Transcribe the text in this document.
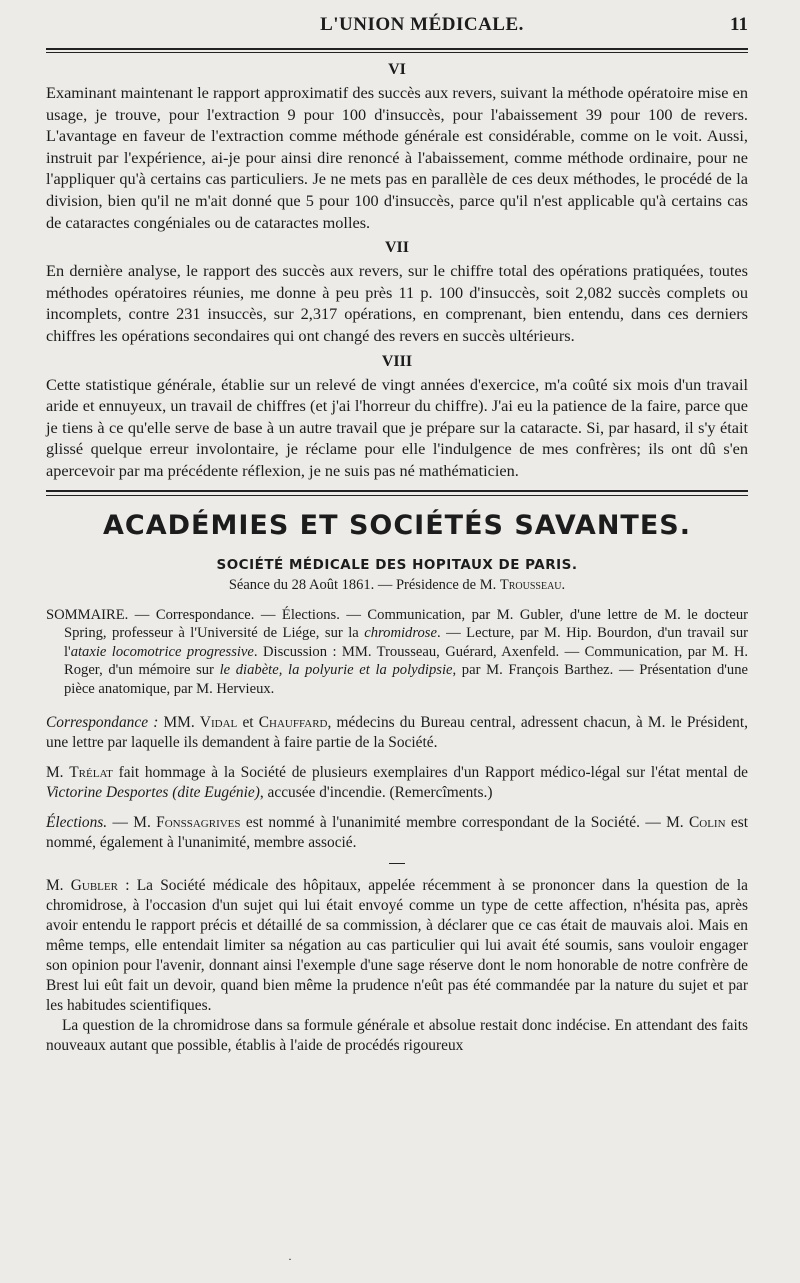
L'UNION MÉDICALE.	11
VI

Examinant maintenant le rapport approximatif des succès aux revers, suivant la méthode opératoire mise en usage, je trouve, pour l'extraction 9 pour 100 d'insuccès, pour l'abaissement 39 pour 100 de revers. L'avantage en faveur de l'extraction comme méthode générale est considérable, comme on le voit. Aussi, instruit par l'expérience, ai-je pour ainsi dire renoncé à l'abaissement, comme méthode ordinaire, pour ne l'appliquer qu'à certains cas particuliers. Je ne mets pas en parallèle de ces deux méthodes, le procédé de la division, bien qu'il ne m'ait donné que 5 pour 100 d'insuccès, parce qu'il n'est applicable qu'à certains cas de cataractes congéniales ou de cataractes molles.

VII

En dernière analyse, le rapport des succès aux revers, sur le chiffre total des opérations pratiquées, toutes méthodes opératoires réunies, me donne à peu près 11 p. 100 d'insuccès, soit 2,082 succès complets ou incomplets, contre 231 insuccès, sur 2,317 opérations, en comprenant, bien entendu, dans ces derniers chiffres les opérations secondaires qui ont changé des revers en succès ultérieurs.

VIII

Cette statistique générale, établie sur un relevé de vingt années d'exercice, m'a coûté six mois d'un travail aride et ennuyeux, un travail de chiffres (et j'ai l'horreur du chiffre). J'ai eu la patience de la faire, parce que je tiens à ce qu'elle serve de base à un autre travail que je prépare sur la cataracte. Si, par hasard, il s'y était glissé quelque erreur involontaire, je réclame pour elle l'indulgence de mes confrères; ils ont dû s'en apercevoir par ma précédente réflexion, je ne suis pas né mathématicien.

ACADÉMIES ET SOCIÉTÉS SAVANTES.
SOCIÉTÉ MÉDICALE DES HOPITAUX DE PARIS.
Séance du 28 Août 1861. — Présidence de M. Trousseau.

SOMMAIRE. — Correspondance. — Élections. — Communication, par M. Gubler, d'une lettre de M. le docteur Spring, professeur à l'Université de Liége, sur la chromidrose. — Lecture, par M. Hip. Bourdon, d'un travail sur l'ataxie locomotrice progressive. Discussion : MM. Trousseau, Guérard, Axenfeld. — Communication, par M. H. Roger, d'un mémoire sur le diabète, la polyurie et la polydipsie, par M. François Barthez. — Présentation d'une pièce anatomique, par M. Hervieux.

Correspondance : MM. Vidal et Chauffard, médecins du Bureau central, adressent chacun, à M. le Président, une lettre par laquelle ils demandent à faire partie de la Société.

M. Trélat fait hommage à la Société de plusieurs exemplaires d'un Rapport médico-légal sur l'état mental de Victorine Desportes (dite Eugénie), accusée d'incendie. (Remercîments.)

Élections. — M. Fonssagrives est nommé à l'unanimité membre correspondant de la Société. — M. Colin est nommé, également à l'unanimité, membre associé.

M. Gubler : La Société médicale des hôpitaux, appelée récemment à se prononcer dans la question de la chromidrose, à l'occasion d'un sujet qui lui était envoyé comme un type de cette affection, n'hésita pas, après avoir entendu le rapport précis et détaillé de sa commission, à déclarer que ce cas était de mauvais aloi. Mais en même temps, elle entendait limiter sa négation au cas particulier qui lui avait été soumis, sans vouloir engager son opinion pour l'avenir, donnant ainsi l'exemple d'une sage réserve dont le nom honorable de notre confrère de Brest lui eût fait un devoir, quand bien même la prudence n'eût pas été commandée par la nature du sujet et par les habitudes scientifiques.

La question de la chromidrose dans sa formule générale et absolue restait donc indécise. En attendant des faits nouveaux autant que possible, établis à l'aide de procédés rigoureux

·
